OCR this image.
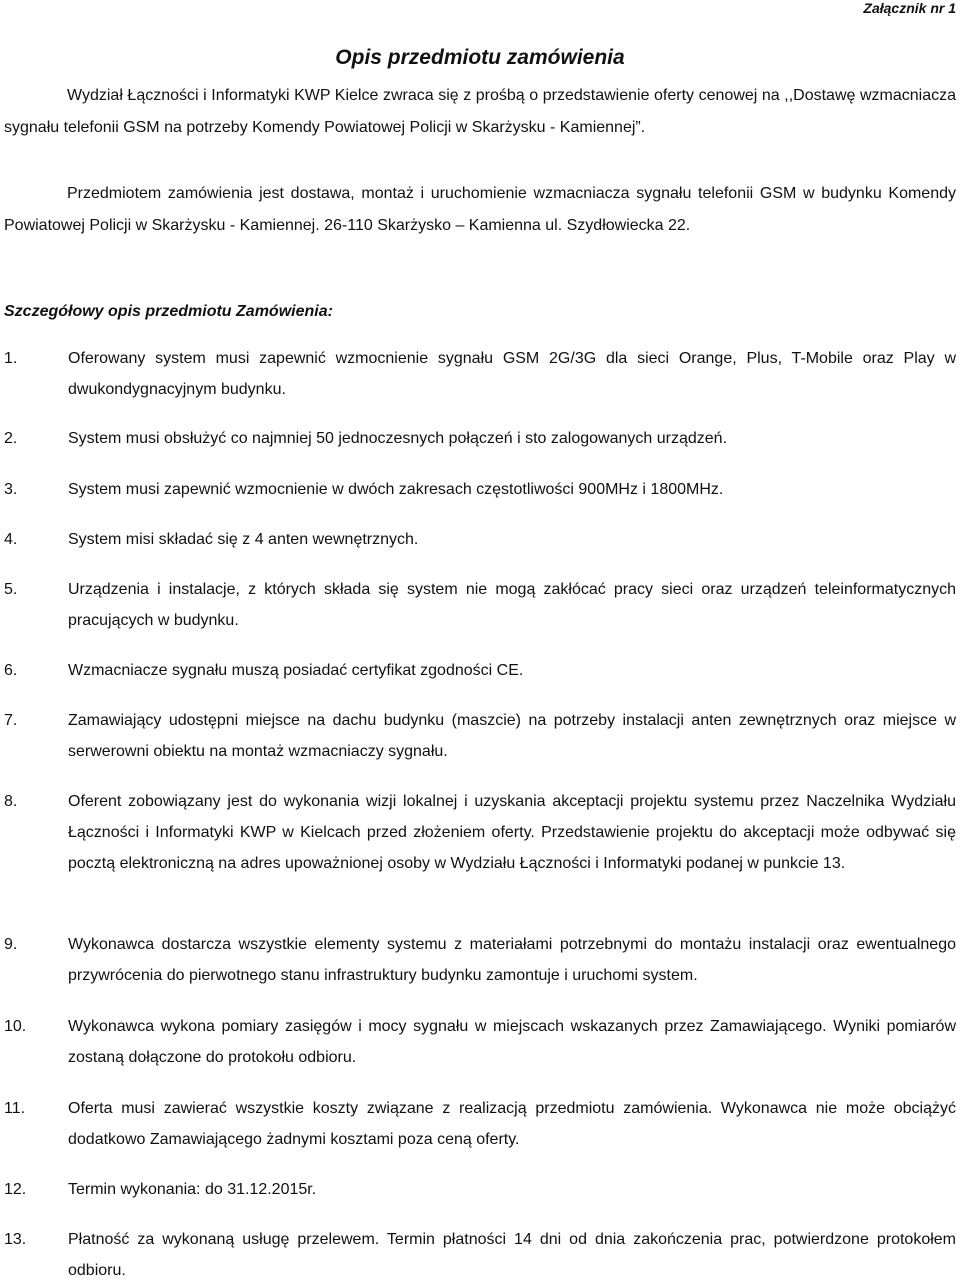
Załącznik nr 1
Opis przedmiotu zamówienia

Wydział Łączności i Informatyki KWP Kielce zwraca się z prośbą o przedstawienie oferty cenowej na ,,Dostawę wzmacniacza sygnału telefonii GSM na potrzeby Komendy Powiatowej Policji w Skarżysku - Kamiennej”.

Przedmiotem zamówienia jest dostawa, montaż i uruchomienie wzmacniacza sygnału telefonii GSM w budynku Komendy Powiatowej Policji w Skarżysku - Kamiennej. 26-110 Skarżysko – Kamienna ul. Szydłowiecka 22.

Szczegółowy opis przedmiotu Zamówienia:
1.	Oferowany system musi zapewnić wzmocnienie sygnału GSM 2G/3G dla sieci Orange, Plus, T-Mobile oraz Play w dwukondygnacyjnym budynku.
2.	System musi obsłużyć co najmniej 50 jednoczesnych połączeń i sto zalogowanych urządzeń.
3.	System musi zapewnić wzmocnienie w dwóch zakresach częstotliwości 900MHz i 1800MHz.
4.	System misi składać się z 4 anten wewnętrznych.
5.	Urządzenia i instalacje, z których składa się system nie mogą zakłócać pracy sieci oraz urządzeń teleinformatycznych pracujących w budynku.
6.	Wzmacniacze sygnału muszą posiadać certyfikat zgodności CE.
7.	Zamawiający udostępni miejsce na dachu budynku (maszcie) na potrzeby instalacji anten zewnętrznych oraz miejsce w serwerowni obiektu na montaż wzmacniaczy sygnału.
8.	Oferent zobowiązany jest do wykonania wizji lokalnej i uzyskania akceptacji projektu systemu przez Naczelnika Wydziału Łączności i Informatyki KWP w Kielcach przed złożeniem oferty. Przedstawienie projektu do akceptacji może odbywać się pocztą elektroniczną na adres upoważnionej osoby w Wydziału Łączności i Informatyki podanej w punkcie 13.
9.	Wykonawca dostarcza wszystkie elementy systemu z materiałami potrzebnymi do montażu instalacji oraz ewentualnego przywrócenia do pierwotnego stanu infrastruktury budynku zamontuje i uruchomi system.
10.	Wykonawca wykona pomiary zasięgów i mocy sygnału w miejscach wskazanych przez Zamawiającego. Wyniki pomiarów zostaną dołączone do protokołu odbioru.
11.	Oferta musi zawierać wszystkie koszty związane z realizacją przedmiotu zamówienia. Wykonawca nie może obciążyć dodatkowo Zamawiającego żadnymi kosztami poza ceną oferty.
12.	Termin wykonania: do 31.12.2015r.
13.	Płatność za wykonaną usługę przelewem. Termin płatności 14 dni od dnia zakończenia prac, potwierdzone protokołem odbioru.
